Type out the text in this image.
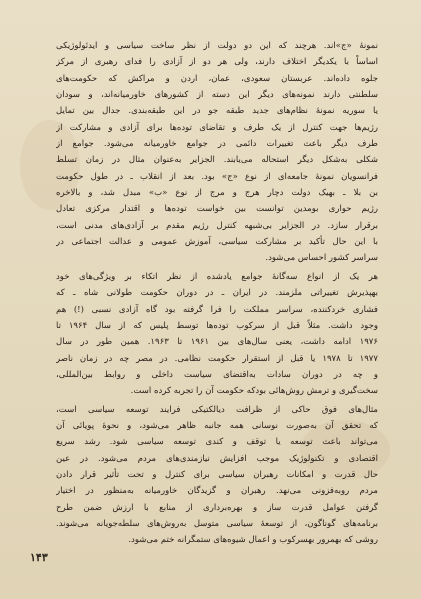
نمونهٔ «ج»اند. هرچند که این دو دولت از نظر ساخت سیاسی و ایدئولوژیکی
اساساً با یکدیگر اختلاف دارند، ولی هر دو از آزادی را فدای رهبری از مرکز
جلوه داده‌اند. عربستان سعودی، عمان، اردن و مراکش که حکومت‌های
سلطنتی دارند نمونه‌های دیگر این دسته از کشورهای خاورمیانه‌اند، و سودان
یا سوریه نمونهٔ نظام‌های جدید طبقه جو در این طبقه‌بندی. جدال بین تمایل
رژیم‌ها جهت کنترل از یک طرف و تقاضای توده‌ها برای آزادی و مشارکت از
طرف دیگر باعث تغییرات دائمی در جوامع خاورمیانه می‌شود. جوامع از
شکلی به‌شکل دیگر استحاله می‌یابند. الجزایر به‌عنوان مثال در زمان تسلط
فرانسویان نمونهٔ جامعه‌ای از نوع «ج» بود. بعد از انقلاب ـ در طول حکومت
بن بلا ـ بهیک دولت دچار هرج و مرج از نوع «ب» مبدل شد، و بالاخره
رژیم حواری بومدین توانست بین خواست توده‌ها و اقتدار مرکزی تعادل
برقرار سازد. در الجزایر بی‌شبهه کنترل رژیم مقدم بر آزادی‌های مدنی است،
با این حال تأکید بر مشارکت سیاسی، آموزش عمومی و عدالت اجتماعی در
سراسر کشور احساس می‌شود.

هر یک از انواع سه‌گانهٔ جوامع یادشده از نظر اتکاء بر ویژگی‌های خود
بهپذیرش تغییراتی ملزمند. در ایران ـ در دوران حکومت طولانی شاه ـ که
فشاری خردکننده، سراسر مملکت را فرا گرفته بود گاه آزادی نسبی (!) هم
وجود داشت. مثلاً قبل از سرکوب توده‌ها توسط پلیس که از سال ۱۹۶۴ تا
۱۹۷۶ ادامه داشت، یعنی سال‌های بین ۱۹۶۱ تا ۱۹۶۳. همین طور در سال
۱۹۷۷ تا ۱۹۷۸ یا قبل از استقرار حکومت نظامی. در مصر چه در زمان ناصر
و چه در دوران سادات به‌اقتضای سیاست داخلی و روابط بین‌المللی،
سخت‌گیری و ترمش روش‌هائی بودکه حکومت آن را تجربه کرده است.

مثال‌های فوق حاکی از ظرافت دیالکتیکی فرایند توسعه سیاسی است،
که تحقق آن به‌صورت نوسانی همه جانبه ظاهر می‌شود، و نحوهٔ پویائی آن
می‌تواند باعث توسعه یا توقف و کندی توسعه سیاسی شود. رشد سریع
اقتصادی و تکنولوژیک موجب افزایش نیازمندی‌های مردم می‌شود. در عین
حال قدرت و امکانات رهبران سیاسی برای کنترل و تحت تأثیر قرار دادن
مردم روبه‌فزونی می‌نهد. رهبران و گزیدگان خاورمیانه به‌منظور در اختیار
گرفتن عوامل قدرت ساز و بهره‌برداری از منابع با ارزش ضمن طرح
برنامه‌های گوناگون، از توسعهٔ سیاسی متوسل به‌روش‌های سلطه‌جویانه می‌شوند.
روشی که بهمرور بهسرکوب و اعمال شیوه‌های ستمگرانه ختم می‌شود.

۱۴۳
